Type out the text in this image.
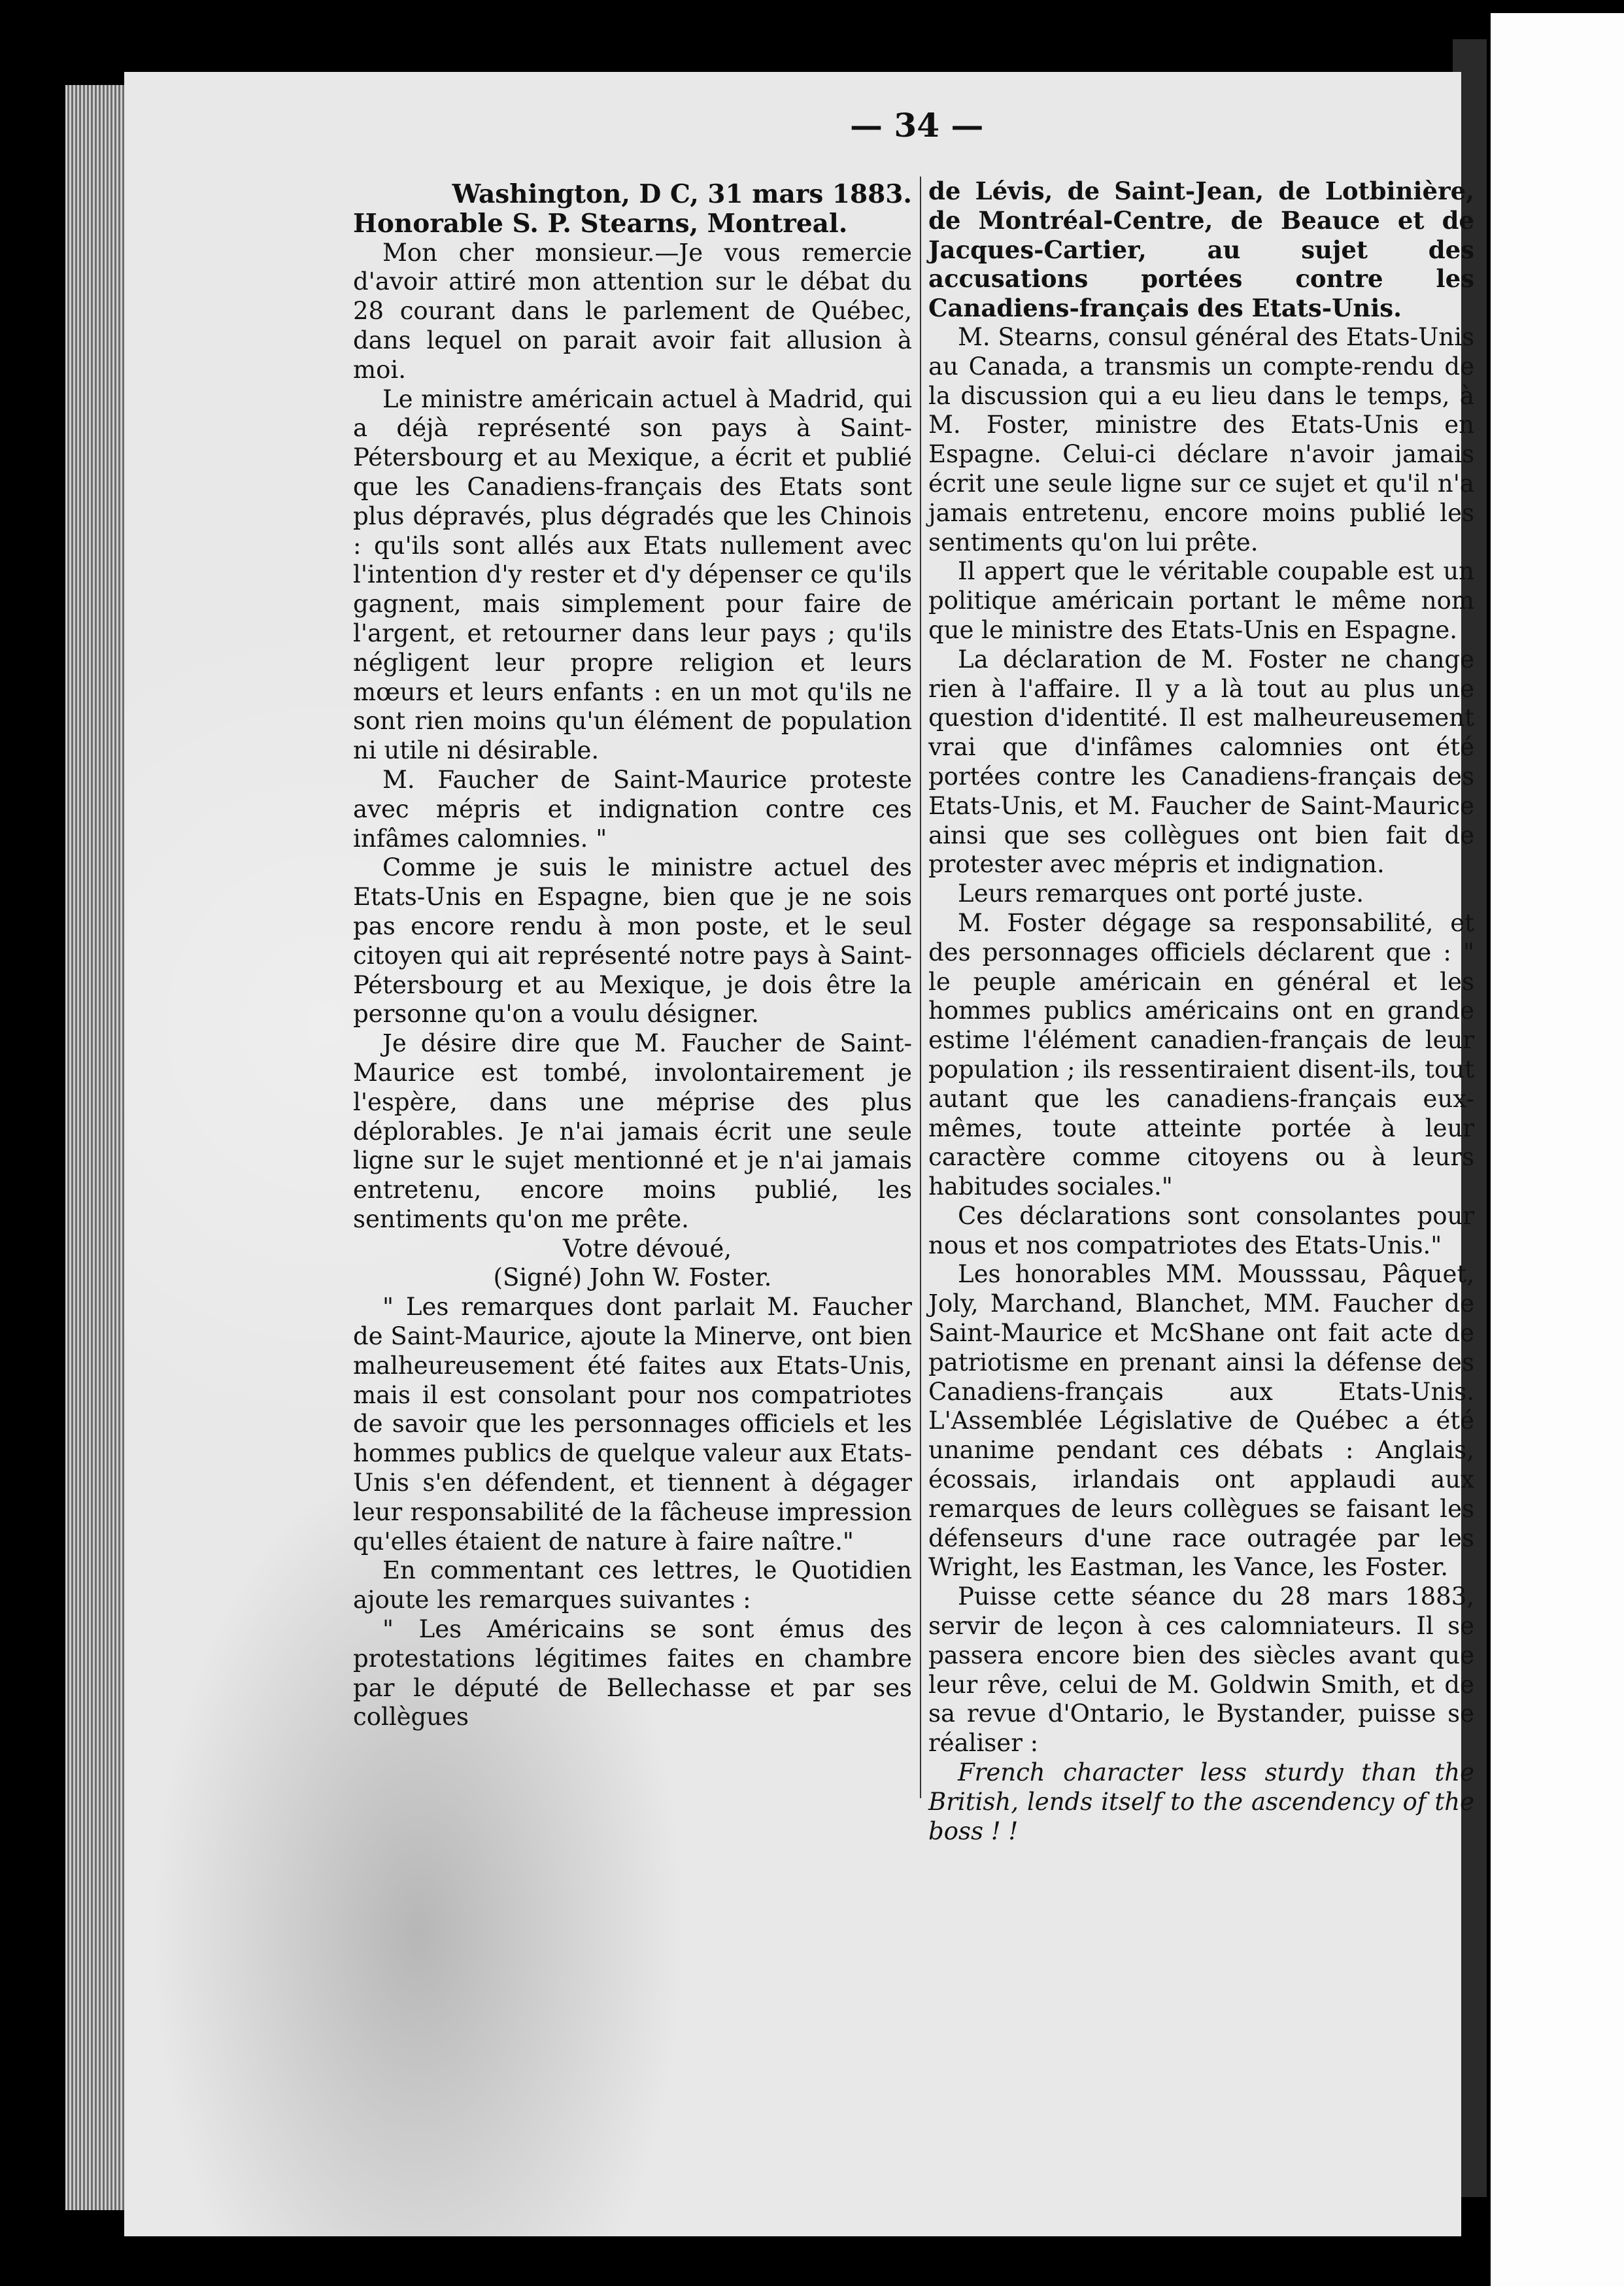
— 34 —

Washington, D C, 31 mars 1883.

Honorable S. P. Stearns, Montreal.

Mon cher monsieur.—Je vous remercie d'avoir attiré mon attention sur le débat du 28 courant dans le parlement de Québec, dans lequel on parait avoir fait allusion à moi.

Le ministre américain actuel à Madrid, qui a déjà représenté son pays à Saint-Pétersbourg et au Mexique, a écrit et publié que les Canadiens-français des Etats sont plus dépravés, plus dégradés que les Chinois : qu'ils sont allés aux Etats nullement avec l'intention d'y rester et d'y dépenser ce qu'ils gagnent, mais simplement pour faire de l'argent, et retourner dans leur pays ; qu'ils négligent leur propre religion et leurs mœurs et leurs enfants : en un mot qu'ils ne sont rien moins qu'un élément de population ni utile ni désirable.

M. Faucher de Saint-Maurice proteste avec mépris et indignation contre ces infâmes calomnies. "

Comme je suis le ministre actuel des Etats-Unis en Espagne, bien que je ne sois pas encore rendu à mon poste, et le seul citoyen qui ait représenté notre pays à Saint-Pétersbourg et au Mexique, je dois être la personne qu'on a voulu désigner.

Je désire dire que M. Faucher de Saint-Maurice est tombé, involontairement je l'espère, dans une méprise des plus déplorables. Je n'ai jamais écrit une seule ligne sur le sujet mentionné et je n'ai jamais entretenu, encore moins publié, les sentiments qu'on me prête.

Votre dévoué,

(Signé) John W. Foster.

" Les remarques dont parlait M. Faucher de Saint-Maurice, ajoute la Minerve, ont bien malheureusement été faites aux Etats-Unis, mais il est consolant pour nos compatriotes de savoir que les personnages officiels et les hommes publics de quelque valeur aux Etats-Unis s'en défendent, et tiennent à dégager leur responsabilité de la fâcheuse impression qu'elles étaient de nature à faire naître."

En commentant ces lettres, le Quotidien ajoute les remarques suivantes :

" Les Américains se sont émus des protestations légitimes faites en chambre par le député de Bellechasse et par ses collègues

de Lévis, de Saint-Jean, de Lotbinière, de Montréal-Centre, de Beauce et de Jacques-Cartier, au sujet des accusations portées contre les Canadiens-français des Etats-Unis.

M. Stearns, consul général des Etats-Unis au Canada, a transmis un compte-rendu de la discussion qui a eu lieu dans le temps, à M. Foster, ministre des Etats-Unis en Espagne. Celui-ci déclare n'avoir jamais écrit une seule ligne sur ce sujet et qu'il n'a jamais entretenu, encore moins publié les sentiments qu'on lui prête.

Il appert que le véritable coupable est un politique américain portant le même nom que le ministre des Etats-Unis en Espagne.

La déclaration de M. Foster ne change rien à l'affaire. Il y a là tout au plus une question d'identité. Il est malheureusement vrai que d'infâmes calomnies ont été portées contre les Canadiens-français des Etats-Unis, et M. Faucher de Saint-Maurice ainsi que ses collègues ont bien fait de protester avec mépris et indignation.

Leurs remarques ont porté juste.

M. Foster dégage sa responsabilité, et des personnages officiels déclarent que : " le peuple américain en général et les hommes publics américains ont en grande estime l'élément canadien-français de leur population ; ils ressentiraient disent-ils, tout autant que les canadiens-français eux-mêmes, toute atteinte portée à leur caractère comme citoyens ou à leurs habitudes sociales."

Ces déclarations sont consolantes pour nous et nos compatriotes des Etats-Unis."

Les honorables MM. Mousssau, Pâquet, Joly, Marchand, Blanchet, MM. Faucher de Saint-Maurice et McShane ont fait acte de patriotisme en prenant ainsi la défense des Canadiens-français aux Etats-Unis. L'Assemblée Législative de Québec a été unanime pendant ces débats : Anglais, écossais, irlandais ont applaudi aux remarques de leurs collègues se faisant les défenseurs d'une race outragée par les Wright, les Eastman, les Vance, les Foster.

Puisse cette séance du 28 mars 1883, servir de leçon à ces calomniateurs. Il se passera encore bien des siècles avant que leur rêve, celui de M. Goldwin Smith, et de sa revue d'Ontario, le Bystander, puisse se réaliser :

French character less sturdy than the British, lends itself to the ascendency of the boss ! !
